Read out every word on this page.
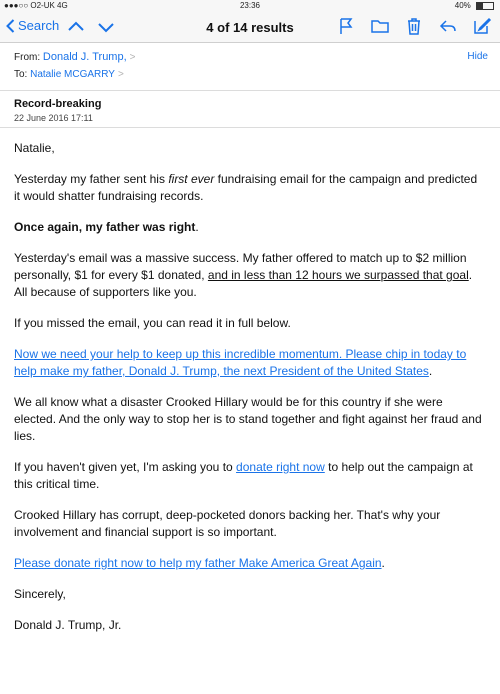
●●●○○ O2-UK 4G	23:36	40%
Search	4 of 14 results
From: Donald J. Trump, >
To: Natalie MCGARRY >
Hide
Record-breaking
22 June 2016 17:11

Natalie,

Yesterday my father sent his first ever fundraising email for the campaign and predicted it would shatter fundraising records.

Once again, my father was right.

Yesterday's email was a massive success. My father offered to match up to $2 million personally, $1 for every $1 donated, and in less than 12 hours we surpassed that goal. All because of supporters like you.

If you missed the email, you can read it in full below.

Now we need your help to keep up this incredible momentum. Please chip in today to help make my father, Donald J. Trump, the next President of the United States.

We all know what a disaster Crooked Hillary would be for this country if she were elected. And the only way to stop her is to stand together and fight against her fraud and lies.

If you haven't given yet, I'm asking you to donate right now to help out the campaign at this critical time.

Crooked Hillary has corrupt, deep-pocketed donors backing her. That's why your involvement and financial support is so important.

Please donate right now to help my father Make America Great Again.

Sincerely,

Donald J. Trump, Jr.
